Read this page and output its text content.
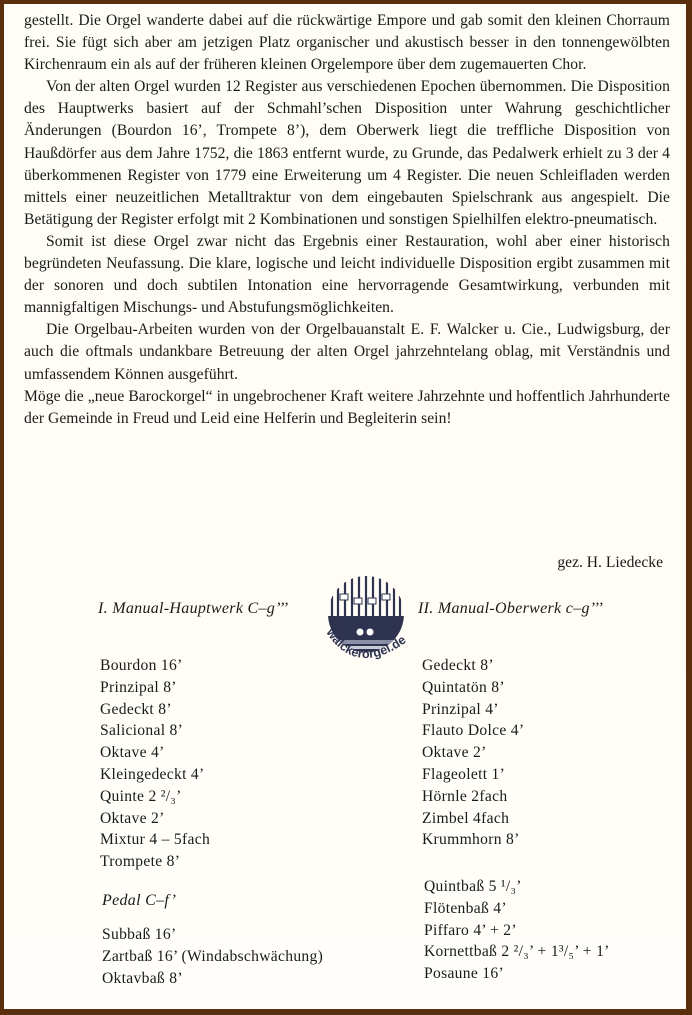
gestellt. Die Orgel wanderte dabei auf die rückwärtige Empore und gab somit den kleinen Chorraum frei. Sie fügt sich aber am jetzigen Platz organischer und akustisch besser in den tonnengewölbten Kirchenraum ein als auf der früheren kleinen Orgelempore über dem zugemauerten Chor.

Von der alten Orgel wurden 12 Register aus verschiedenen Epochen übernommen. Die Disposition des Hauptwerks basiert auf der Schmahl’schen Disposition unter Wahrung geschichtlicher Änderungen (Bourdon 16’, Trompete 8’), dem Oberwerk liegt die treffliche Disposition von Haußdörfer aus dem Jahre 1752, die 1863 entfernt wurde, zu Grunde, das Pedalwerk erhielt zu 3 der 4 überkommenen Register von 1779 eine Erweiterung um 4 Register. Die neuen Schleifladen werden mittels einer neuzeitlichen Metalltraktur von dem eingebauten Spielschrank aus angespielt. Die Betätigung der Register erfolgt mit 2 Kombinationen und sonstigen Spielhilfen elektro-pneumatisch.

Somit ist diese Orgel zwar nicht das Ergebnis einer Restauration, wohl aber einer historisch begründeten Neufassung. Die klare, logische und leicht individuelle Disposition ergibt zusammen mit der sonoren und doch subtilen Intonation eine hervorragende Gesamtwirkung, verbunden mit mannigfaltigen Mischungs- und Abstufungsmöglichkeiten.

Die Orgelbau-Arbeiten wurden von der Orgelbauanstalt E. F. Walcker u. Cie., Ludwigsburg, der auch die oftmals undankbare Betreuung der alten Orgel jahrzehntelang oblag, mit Verständnis und umfassendem Können ausgeführt.

Möge die „neue Barockorgel“ in ungebrochener Kraft weitere Jahrzehnte und hoffentlich Jahrhunderte der Gemeinde in Freud und Leid eine Helferin und Begleiterin sein!

gez. H. Liedecke
walckerorgel.de
I. Manual-Hauptwerk C–g’’’
Bourdon 16’
Prinzipal 8’
Gedeckt 8’
Salicional 8’
Oktave 4’
Kleingedeckt 4’
Quinte 2 ²/₃’
Oktave 2’
Mixtur 4 – 5fach
Trompete 8’
II. Manual-Oberwerk c–g’’’
Gedeckt 8’
Quintatön 8’
Prinzipal 4’
Flauto Dolce 4’
Oktave 2’
Flageolett 1’
Hörnle 2fach
Zimbel 4fach
Krummhorn 8’
Pedal C–f’
Subbaß 16’
Zartbaß 16’ (Windabschwächung)
Oktavbaß 8’
Quintbaß 5 ¹/₃’
Flötenbaß 4’
Piffaro 4’ + 2’
Kornettbaß 2 ²/₃’ + 1³/₅’ + 1’
Posaune 16’
